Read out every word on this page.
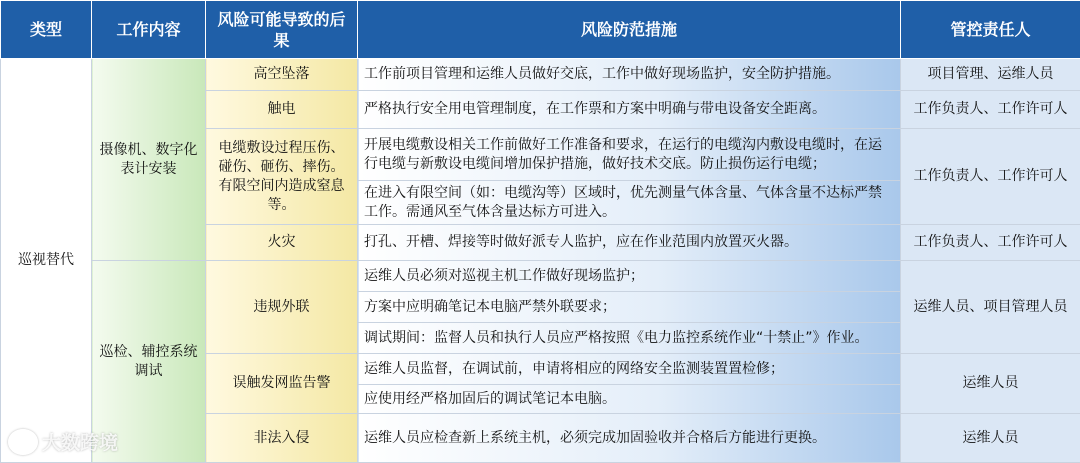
类型	工作内容	风险可能导致的后果	风险防范措施	管控责任人
巡视替代	摄像机、数字化表计安装	高空坠落	工作前项目管理和运维人员做好交底，工作中做好现场监护，安全防护措施。	项目管理、运维人员
		触电	严格执行安全用电管理制度，在工作票和方案中明确与带电设备安全距离。	工作负责人、工作许可人
		电缆敷设过程压伤、碰伤、砸伤、摔伤。有限空间内造成窒息等。	开展电缆敷设相关工作前做好工作准备和要求，在运行的电缆沟内敷设电缆时，在运行电缆与新敷设电缆间增加保护措施，做好技术交底。防止损伤运行电缆；	工作负责人、工作许可人
			在进入有限空间（如：电缆沟等）区域时，优先测量气体含量、气体含量不达标严禁工作。需通风至气体含量达标方可进入。	
		火灾	打孔、开槽、焊接等时做好派专人监护，应在作业范围内放置灭火器。	工作负责人、工作许可人
	巡检、辅控系统调试	违规外联	运维人员必须对巡视主机工作做好现场监护；	运维人员、项目管理人员
			方案中应明确笔记本电脑严禁外联要求；	
			调试期间：监督人员和执行人员应严格按照《电力监控系统作业“十禁止”》作业。	
		误触发网监告警	运维人员监督，在调试前，申请将相应的网络安全监测装置置检修；	运维人员
			应使用经严格加固后的调试笔记本电脑。	
		非法入侵	运维人员应检查新上系统主机，必须完成加固验收并合格后方能进行更换。	运维人员
大数跨境
